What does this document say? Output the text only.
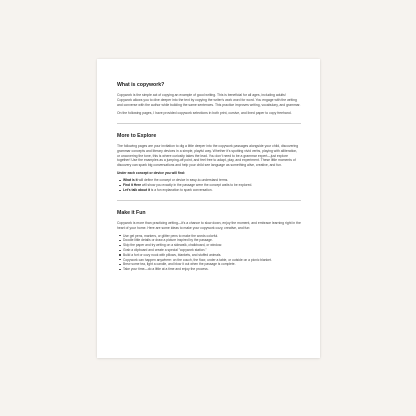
What is copywork?

Copywork is the simple act of copying an example of good writing. This is beneficial for all ages, including adults! Copywork allows you to dive deeper into the text by copying the writer's work word for word. You engage with the writing and converse with the author while building the same sentences. This practice improves writing, vocabulary, and grammar.

On the following pages, I have provided copywork selections in both print, cursive, and lined paper to copy freehand.

More to Explore

The following pages are your invitation to dig a little deeper into the copywork passages alongside your child, discovering grammar concepts and literary devices in a simple, playful way. Whether it's spotting vivid verbs, playing with alliteration, or uncovering the tone, this is where curiosity takes the lead. You don't need to be a grammar expert—just explore together! Use the examples as a jumping-off point, and feel free to adapt, play, and experiment. These little moments of discovery can spark big conversations and help your child see language as something alive, creative, and fun.

Under each concept or device you will find:
What is it will define the concept or device in easy-to-understand terms.
Find it Here will show you exactly in the passage were the concept waits to be explored.
Let's talk about it is a fun explanation to spark conversation.
Make it Fun

Copywork is more than practicing writing—it's a chance to slow down, enjoy the moment, and embrace learning right in the heart of your home. Here are some ideas to make your copywork cozy, creative, and fun:

Use gel pens, markers, or glitter pens to make the words colorful.
Doodle little details or draw a picture inspired by the passage.
Skip the paper and try writing on a sidewalk, chalkboard, or window.
Grab a clipboard and create a special "copywork station."
Build a fort or cozy nook with pillows, blankets, and stuffed animals.
Copywork can happen anywhere: on the couch, the floor, under a table, or outside on a picnic blanket.
Brew some tea, light a candle, and blow it out when the passage is complete.
Take your time—do a little at a time and enjoy the process.
